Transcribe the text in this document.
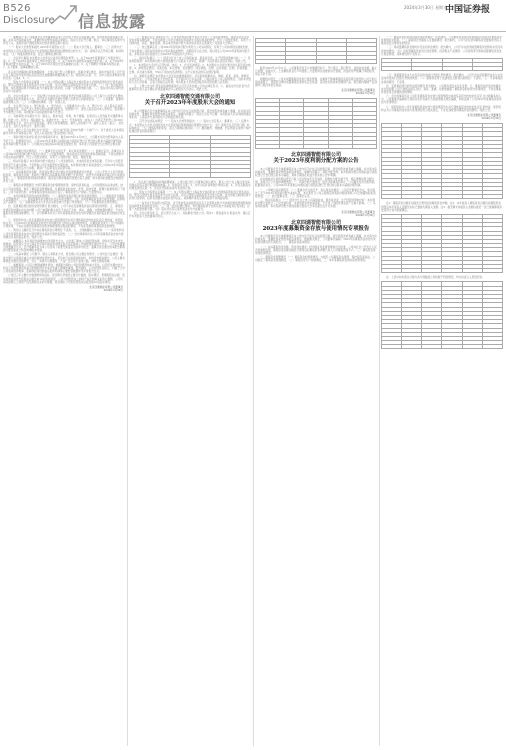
B526
Disclosure 信息披露
2024年3月30日 星期六
中国证券报

一、重要提示 本公司董事会及全体董事保证本公告内容不存在任何虚假记载、误导性陈述或者重大遗漏，并对其内容的真实性、准确性和完整性承担法律责任。股东大会召开日期、地点、审议事项及投票方式详见下文，请投资者仔细阅读相关内容并按规定参与表决。

（一）股东大会类型和届次 2023年年度股东大会；（二）股东大会召集人：董事会；（三）投票方式：本次股东大会所采用的表决方式是现场投票和网络投票相结合的方式；（四）现场会议召开的日期、时间和地点；（五）网络投票的系统、起止日期和投票时间。

二、会议审议事项 本次股东大会审议议案及投票股东类型：1、关于2023年度董事会工作报告的议案；2、关于2023年度监事会工作报告的议案；3、关于2023年度财务决算报告的议案；4、关于2023年度利润分配方案的议案；5、关于2023年年度报告及其摘要的议案；6、关于续聘会计师事务所的议案；7、关于董事、监事薪酬的议案。

各议案已披露的时间和披露媒体：上述议案已经公司董事会、监事会审议通过，具体内容详见公司于同日在上海证券交易所网站及指定信息披露媒体披露的相关公告。特别决议议案：无；对中小投资者单独计票的议案：议案4、6、7。

三、股东大会投票注意事项 （一）本公司股东通过上海证券交易所股东大会网络投票系统行使表决权的，既可以登陆交易系统投票平台进行投票，也可以登陆互联网投票平台进行投票。（二）同一表决权通过现场、本所网络投票平台或其他方式重复进行表决的，以第一次投票结果为准。（三）股东对所有议案均表决完毕才能提交。

四、会议出席对象 （一）股权登记日收市后在中国证券登记结算有限责任公司上海分公司登记在册的公司股东有权出席股东大会，并可以以书面形式委托代理人出席会议和参加表决。（二）公司董事、监事和高级管理人员。（三）公司聘请的律师。（四）其他人员。

五、会议登记方法 1、登记时间；2、登记地点：公司董事会办公室；3、登记方式：法人股东应持营业执照复印件、法定代表人身份证明书或授权委托书、股票账户卡；自然人股东应持本人身份证、股票账户卡办理登记手续。异地股东可以信函或传真方式登记。

六、其他事项 会议联系方式：联系人、联系电话、传真、电子邮箱。出席会议人员食宿及交通费用自理。特此公告。附件1：授权委托书。兹委托先生（女士）代表本单位（或本人）出席召开的贵公司2023年年度股东大会，并代为行使表决权。委托人持普通股数、委托人股东账户号、委托人签名（盖章）、受托人签名、受托人身份证号、委托日期。

备注：委托人应当在委托书中“同意”、“反对”或“弃权”意向中选择一个并打“√”，对于委托人在本授权委托书中未作具体指示的，受托人有权按自己的意愿进行表决。

一、利润分配方案内容 经会计师事务所审计，截至2023年12月31日，公司期末可供分配利润为人民币若干元。经董事会决议，公司2023年年度拟以实施权益分派股权登记日登记的总股本为基数分配利润。本次利润分配方案如下：公司拟向全体股东每10股派发现金红利，本年度公司现金分红比例符合相关规定。

二、公司履行的决策程序 （一）董事会会议的召开、审议和表决情况；（二）监事会意见：监事会认为公司2023年度利润分配方案充分考虑了公司盈利情况、现金流状态及资金需求等各种因素，不存在损害中小股东利益的情形，符合公司经营现状，有利于公司的持续、稳定、健康发展。

三、相关风险提示 本次利润分配方案结合了公司发展阶段、未来的资金需求等因素，不会对公司经营现金流产生重大影响，不会影响公司正常经营和长期发展。本次利润分配方案尚需提交公司2023年年度股东大会审议通过后方可实施，敬请广大投资者注意投资风险。

（一）实际募集资金金额、资金到位情况 经中国证券监督管理委员会核准，公司公开发行人民币普通股股票，募集资金总额、扣除发行费用后实际募集资金净额已全部到位，并经会计师事务所验证并出具验资报告。（二）募集资金使用和结余情况：截至报告期末募集资金累计投入金额、尚未使用的金额及存放情况详见下表。

二、募集资金管理情况 为规范募集资金的管理和使用，保护投资者权益，公司依照相关法律法规，结合公司实际情况，制定了募集资金管理制度，对募集资金的存放、使用、投向变更、管理与监督等进行了规定。公司与保荐机构、存放募集资金的商业银行签订了募集资金专户存储三方监管协议。

三、本年度募集资金的实际使用情况 （一）募集资金投资项目的资金使用情况；（二）募投项目先期投入及置换情况；（三）用闲置募集资金暂时补充流动资金情况；（四）对闲置募集资金进行现金管理，投资相关产品情况；（五）用超募资金永久补充流动资金或归还银行贷款情况；（六）节余募集资金使用情况。

四、变更募投项目的资金使用情况 报告期内，公司不存在变更募集资金投资项目的情况。五、募集资金使用及披露中存在的问题 公司已披露的相关信息不存在不及时、真实、准确、完整披露的情况，不存在募集资金管理违规情形。六、会计师事务所对公司年度募集资金存放与使用情况出具的鉴证报告的结论性意见。

七、保荐机构对公司年度募集资金存放与使用情况所出具专项核查报告的结论性意见 经核查，保荐机构认为：公司2023年度募集资金存放与使用情况符合相关法律法规的规定，对募集资金进行了专户存储和专项使用，不存在变相改变募集资金用途和损害股东利益的情况，不存在违规使用募集资金的情形。

八、两次以上融资且当年存在募集资金运用情况 不适用。九、上网披露的公告附件：（一）保荐机构对公司年度募集资金存放与使用情况出具的专项核查报告；（二）会计师事务所对公司年度募集资金存放与使用情况出具的鉴证报告。特此公告。

一、重要提示 本年度报告摘要来自年度报告全文，为全面了解本公司的经营成果、财务状况及未来发展规划，投资者应当到上海证券交易所网站等中国证监会指定媒体上仔细阅读年度报告全文。公司全体董事出席董事会会议。会计师事务所为本公司出具了标准无保留意见的审计报告。董事会决议通过的本报告期利润分配预案或公积金转增股本预案。

二、公司基本情况 公司简介、联系人和联系方式、报告期公司主要业务简介。公司所处行业情况：智能交通行业是国家重点支持和鼓励发展的行业，近年来行业政策持续向好，市场需求稳步增长。公司主要从事智能交通系统的研发、设计、实施与运维服务，产品广泛应用于高速公路、城市交通等领域。

三、重要事项 公司应当根据重要性原则，披露报告期内公司经营情况的重大变化，以及报告期内发生的对公司经营情况有重大影响和预计未来会有重大影响的事项。报告期内，公司实现营业收入、归属于上市公司股东的净利润、扣除非经常性损益后的净利润等主要经营数据详见年度报告全文。

公司近三年主要会计数据和财务指标、报告期分季度的主要会计数据、股东情况、普通股股东总数、表决权恢复的优先股股东总数及前10名股东情况、公司与控股股东之间的产权及控制关系的方框图、公司与实际控制人之间的产权及控制关系的方框图、报告期末公司优先股股东总数及前10名股东情况。

北京四通智能有限公司董事会
2024年3月30日

（二）监事会意见 监事会认为：公司本次利润分配方案充分考虑了公司的盈利情况、现金流状态及资金需求等各种因素，不存在损害公司及全体股东特别是中小股东利益的情形，符合公司经营现状，有利于公司的持续、稳定、健康发展。同意本次利润分配方案并同意将该议案提交公司股东大会审议。

（三）独立董事意见 公司2023年度利润分配方案符合公司实际情况，有利于公司持续稳定健康发展，不存在损害公司股东特别是中小股东利益的情形，决策程序合法合规。我们同意公司2023年度利润分配方案，并同意将该议案提交公司2023年年度股东大会审议。

三、相关风险提示 （一）现金分红对上市公司每股收益、现金流状况、生产经营的影响分析；（二）其他风险说明：本次利润分配方案尚需提交公司股东大会审议，敬请广大投资者注意投资风险。特此公告。

1、本次股东大会会议召开时间、地点；2、会议表决情况；3、本次股东大会审议通过的议案及表决结果；4、律师见证情况。议案名称、审议结果、表决情况：同意票数、比例，反对票数、比例，弃权票数、比例。涉及重大事项，5%以下股东的表决情况。关于议案表决的有关情况说明。

四、律师见证情况 本次股东大会见证的律师事务所：北京某律师事务所；律师：某某、某某。律师见证结论意见：公司本次股东大会的召集、召开程序符合有关法律、行政法规及公司章程的规定；出席本次股东大会人员资格、召集人资格合法有效；本次股东大会的表决程序和表决结果合法有效。

五、上网公告文件 经鉴证的律师事务所主任签字并加盖公章的法律意见书。六、备查文件目录 经与会董事和记录人签字确认并加盖董事会印章的股东大会决议。特此公告。

北京四通智能交通有限公司
关于召开2023年年度股东大会的通知

本公司董事会及全体董事保证本公告内容不存在任何虚假记载、误导性陈述或者重大遗漏，并对其内容的真实性、准确性和完整性承担法律责任。重要内容提示：股东大会召开日期；本次股东大会采用的网络投票系统：上海证券交易所股东大会网络投票系统。

一、召开会议的基本情况 （一）股东大会类型和届次；（二）股东大会召集人：董事会；（三）投票方式：本次股东大会所采用的表决方式是现场投票和网络投票相结合的方式；（四）现场会议召开的日期、时间和地点；（五）网络投票的系统、起止日期和投票时间；（六）融资融券、转融通、约定购回业务账户和沪股通投资者的投票程序。

1、各议案已披露的时间和披露媒体：上述议案已经公司董事会审议通过，相关公告已在上海证券交易所网站及指定信息披露媒体披露。2、特别决议议案；3、对中小投资者单独计票的议案；4、涉及关联股东回避表决的议案；5、涉及优先股股东参与表决的议案。

三、股东大会投票注意事项 （一）本公司股东通过上海证券交易所股东大会网络投票系统行使表决权的，既可以登陆交易系统投票平台进行投票，也可以登陆互联网投票平台进行投票。首次登陆互联网投票平台进行投票的，投资者需要完成股东身份认证。具体操作请见互联网投票平台网站说明。

（二）持有多个股东账户的股东，可行使的表决权数量是其名下全部股东账户所持相同类别普通股和相同品种优先股的数量总和。（三）同一表决权通过现场、本所网络投票平台或其他方式重复进行表决的，以第一次投票结果为准。（四）股东对所有议案均表决完毕才能提交。

四、会议出席对象 五、会议登记方法 六、其他事项 特此公告。附件1：授权委托书 报备文件：提议召开本次股东大会的董事会决议。

截至2023年12月31日，公司募集资金专户存储情况如下：开户银行、银行账号、初始存放金额、截止日余额、存储方式。上述募集资金专户均按照三方监管协议的要求进行管理，资金使用严格履行审批程序，保证专款专用。

根据相关规定，公司对闲置募集资金进行现金管理，在确保不影响募集资金投资项目建设和公司正常运营的前提下，使用部分暂时闲置募集资金购买安全性高、流动性好的保本型理财产品。报告期内理财产品到期均已收回本金及收益。

北京四通智能有限公司董事会
2024年3月30日

北京四通智能有限公司
关于2023年度利润分配方案的公告

本公司董事会及全体董事保证本公告内容不存在任何虚假记载、误导性陈述或者重大遗漏，并对其内容的真实性、准确性和完整性承担法律责任。重要内容提示：每股分配比例；本次利润分配以实施权益分派股权登记日登记的总股本为基数，具体日期将在权益分派实施公告中明确。

在实施权益分派的股权登记日前公司总股本发生变动的，拟维持分配总额不变，相应调整每股分配比例，并将另行公告具体调整情况。一、利润分配方案内容：经会计师事务所审计，公司期末可供分配利润，经董事会决议，公司2023年年度拟以实施权益分派股权登记日登记的总股本为基数分配利润。

二、公司履行的决策程序 （一）董事会会议的召开、审议和表决情况：公司召开董事会会议，审议通过了关于2023年度利润分配方案的议案，本方案符合公司章程规定的利润分配政策和公司已披露的股东回报规划。（二）独立董事意见；（三）监事会意见。

三、相关风险提示 （一）现金分红对上市公司每股收益、现金流状况、生产经营的影响分析：本次利润分配方案结合了公司发展阶段、未来的资金需求等因素，不会对公司经营现金流产生重大影响。（二）其他风险说明：本次利润分配方案尚需提交股东大会审议通过后方可实施。

北京四通智能有限公司董事会
2024年3月30日
北京四通智能有限公司
2023年度募集资金存放与使用情况专项报告

本公司董事会及全体董事保证本公告内容不存在任何虚假记载、误导性陈述或者重大遗漏，并对其内容的真实性、准确性和完整性承担法律责任。根据相关规定，公司董事会编制了2023年度募集资金存放与实际使用情况的专项报告。一、募集资金基本情况。

（一）实际募集资金金额、资金到位情况：经中国证券监督管理委员会核准，公司向社会公开发行人民币普通股股票，募集资金总额扣除发行费用后的募集资金净额已存入公司募集资金专户。（二）募集资金使用和结余情况。

二、募集资金管理情况 （一）募集资金的管理情况：为规范公司募集资金管理，保护投资者权益，公司制定了募集资金管理制度；（二）募集资金专户存储情况。三、本年度募集资金的实际使用情况。

（一）募集资金投资项目的资金使用情况：报告期内，公司募集资金实际使用情况详见附表1募集资金使用情况对照表。（二）募投项目先期投入及置换情况：报告期内，公司不存在使用募集资金置换预先投入募投项目自筹资金的情况。

（三）用闲置募集资金暂时补充流动资金情况：报告期内，公司不存在使用闲置募集资金暂时补充流动资金的情况。（四）对闲置募集资金进行现金管理，投资相关产品情况：公司使用部分暂时闲置募集资金进行现金管理，具体情况如下表所示。

（五）用超募资金永久补充流动资金或归还银行贷款情况：报告期内，公司不存在用超募资金永久补充流动资金或归还银行贷款的情况。（六）超募资金用于在建项目及新项目的情况：不适用。（七）节余募集资金使用情况：不适用。

四、变更募投项目的资金使用情况 报告期内，公司募投项目未发生变更。五、募集资金使用及披露中存在的问题 公司已按相关规定及时、真实、准确、完整地披露了募集资金的存放与使用情况，不存在募集资金使用及管理的违规情形。

六、会计师事务所对公司年度募集资金存放与使用情况出具的鉴证报告的结论性意见 会计师事务所认为，公司董事会编制的专项报告在所有重大方面按照相关规定编制，如实反映了公司2023年度募集资金存放与使用情况。

七、保荐机构对公司年度募集资金存放与使用情况所出具专项核查报告的结论性意见 经核查，保荐机构认为公司募集资金存放与使用情况符合相关规定，不存在违规使用募集资金的情形。特此公告。

北京四通智能有限公司董事会
2024年3月30日

注1：募集资金总额系扣除发行费用后的募集资金净额。注2：本年度投入募集资金总额包括募集资金到账后本年度投入金额及实际已置换先期投入金额。注3：截至期末承诺投入金额以最近一次已披露募集资金投资计划为依据确定。

注：上表中如出现总计数与各分项数值之和尾数不符的情况，均为四舍五入原因所致。
